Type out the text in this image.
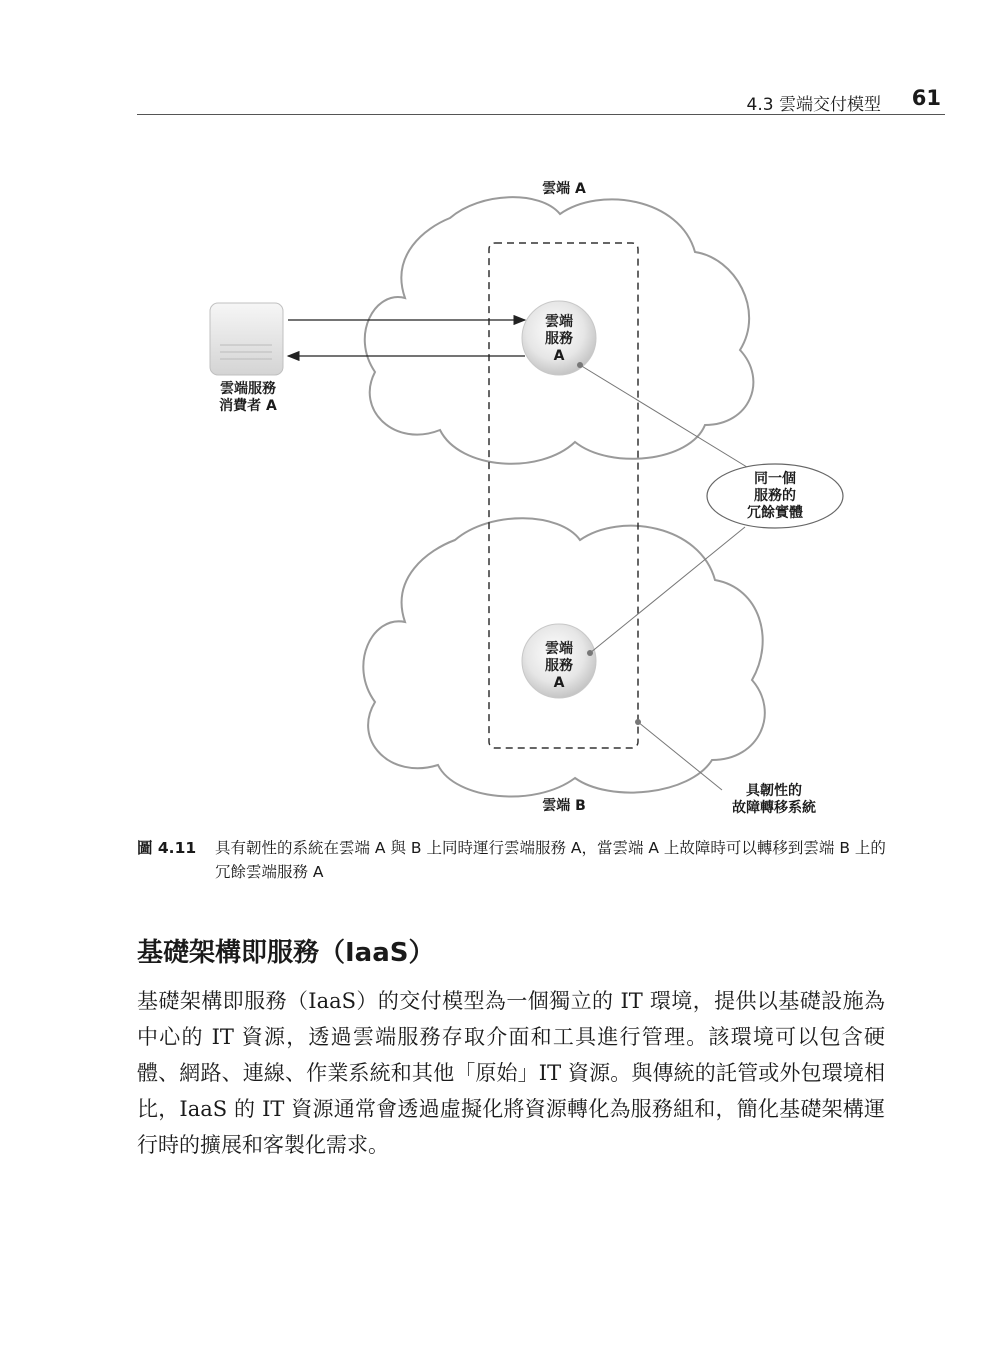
4.3 雲端交付模型 61
雲端 A
雲端 B
雲端
服務
A
雲端
服務
A
雲端服務
消費者 A
同一個
服務的
冗餘實體
具韌性的
故障轉移系統
圖 4.11 具有韌性的系統在雲端 A 與 B 上同時運行雲端服務 A，當雲端 A 上故障時可以轉移到雲端 B 上的冗餘雲端服務 A
基礎架構即服務（IaaS）
基礎架構即服務（IaaS）的交付模型為一個獨立的 IT 環境，提供以基礎設施為中心的 IT 資源，透過雲端服務存取介面和工具進行管理。該環境可以包含硬體、網路、連線、作業系統和其他「原始」IT 資源。與傳統的託管或外包環境相比，IaaS 的 IT 資源通常會透過虛擬化將資源轉化為服務組和，簡化基礎架構運行時的擴展和客製化需求。
